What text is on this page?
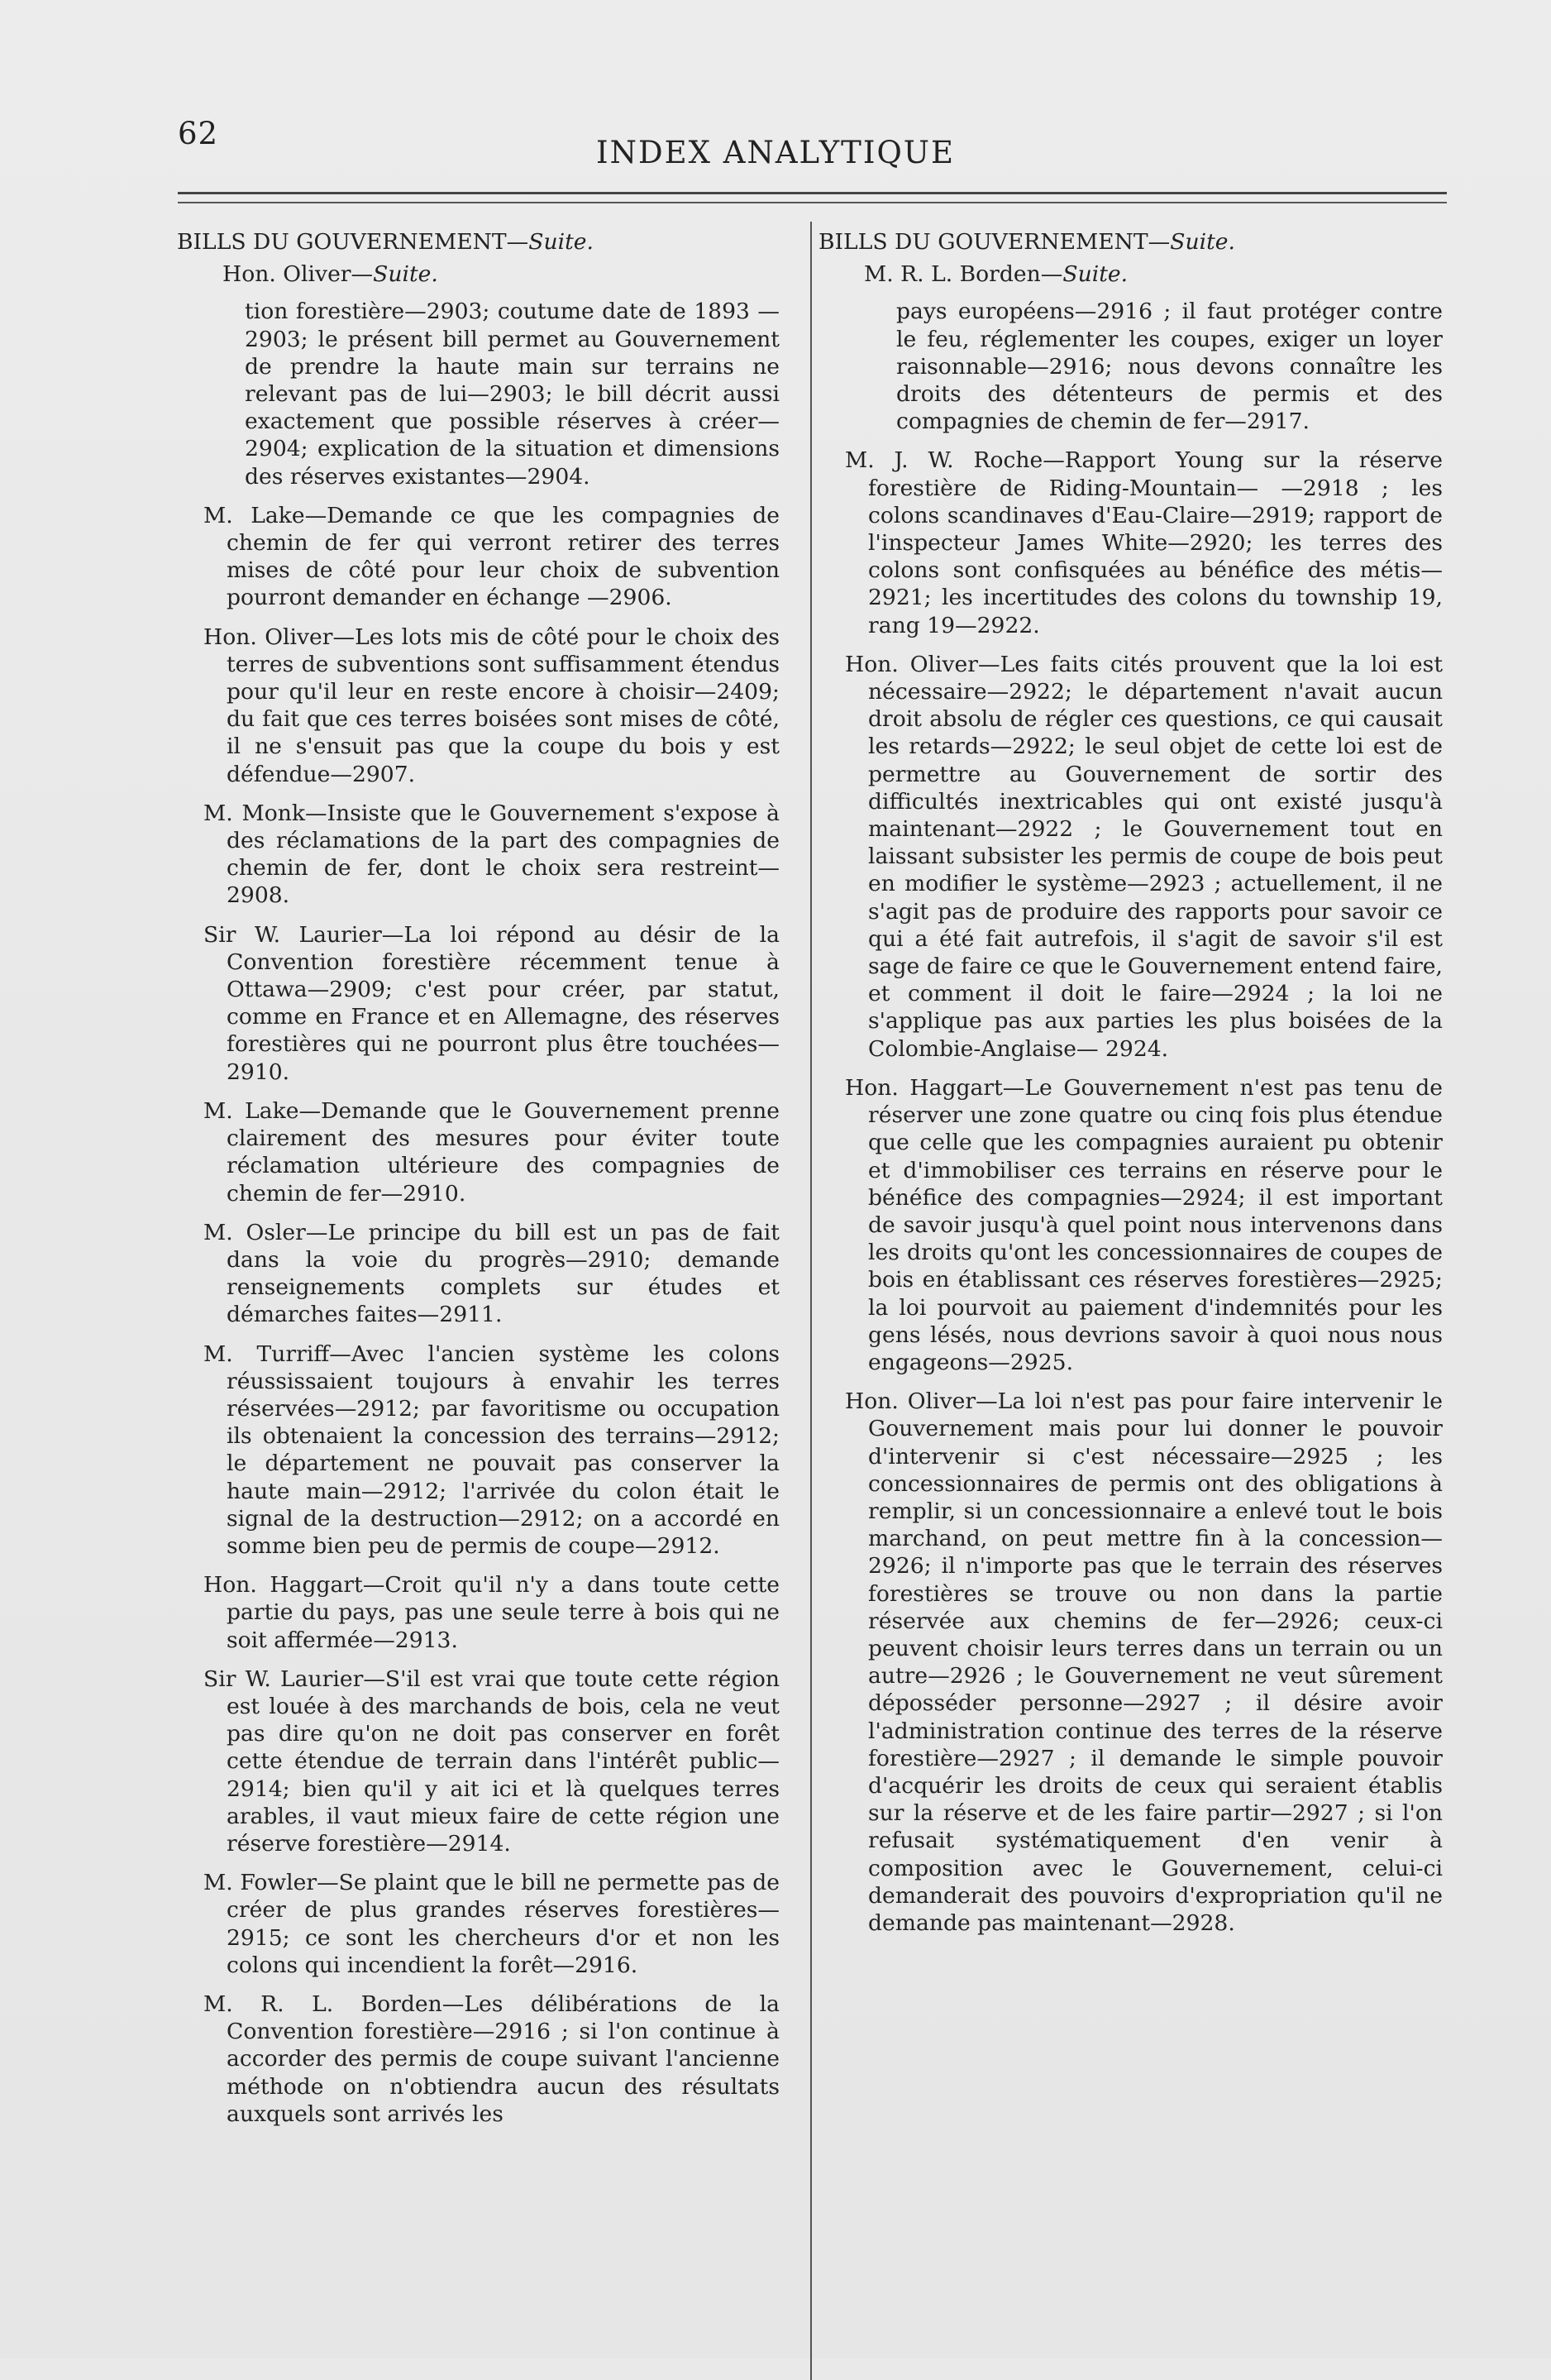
62
INDEX ANALYTIQUE

BILLS DU GOUVERNEMENT—Suite.

Hon. Oliver—Suite.

tion forestière—2903; coutume date de 1893 —2903; le présent bill permet au Gouvernement de prendre la haute main sur terrains ne relevant pas de lui—2903; le bill décrit aussi exactement que possible réserves à créer—2904; explication de la situation et dimensions des réserves existantes—2904.

M. Lake—Demande ce que les compagnies de chemin de fer qui verront retirer des terres mises de côté pour leur choix de subvention pourront demander en échange —2906.

Hon. Oliver—Les lots mis de côté pour le choix des terres de subventions sont suffisamment étendus pour qu'il leur en reste encore à choisir—2409; du fait que ces terres boisées sont mises de côté, il ne s'ensuit pas que la coupe du bois y est défendue—2907.

M. Monk—Insiste que le Gouvernement s'expose à des réclamations de la part des compagnies de chemin de fer, dont le choix sera restreint—2908.

Sir W. Laurier—La loi répond au désir de la Convention forestière récemment tenue à Ottawa—2909; c'est pour créer, par statut, comme en France et en Allemagne, des réserves forestières qui ne pourront plus être touchées—2910.

M. Lake—Demande que le Gouvernement prenne clairement des mesures pour éviter toute réclamation ultérieure des compagnies de chemin de fer—2910.

M. Osler—Le principe du bill est un pas de fait dans la voie du progrès—2910; demande renseignements complets sur études et démarches faites—2911.

M. Turriff—Avec l'ancien système les colons réussissaient toujours à envahir les terres réservées—2912; par favoritisme ou occupation ils obtenaient la concession des terrains—2912; le département ne pouvait pas conserver la haute main—2912; l'arrivée du colon était le signal de la destruction—2912; on a accordé en somme bien peu de permis de coupe—2912.

Hon. Haggart—Croit qu'il n'y a dans toute cette partie du pays, pas une seule terre à bois qui ne soit affermée—2913.

Sir W. Laurier—S'il est vrai que toute cette région est louée à des marchands de bois, cela ne veut pas dire qu'on ne doit pas conserver en forêt cette étendue de terrain dans l'intérêt public—2914; bien qu'il y ait ici et là quelques terres arables, il vaut mieux faire de cette région une réserve forestière—2914.

M. Fowler—Se plaint que le bill ne permette pas de créer de plus grandes réserves forestières—2915; ce sont les chercheurs d'or et non les colons qui incendient la forêt—2916.

M. R. L. Borden—Les délibérations de la Convention forestière—2916 ; si l'on continue à accorder des permis de coupe suivant l'ancienne méthode on n'obtiendra aucun des résultats auxquels sont arrivés les

BILLS DU GOUVERNEMENT—Suite.

M. R. L. Borden—Suite.

pays européens—2916 ; il faut protéger contre le feu, réglementer les coupes, exiger un loyer raisonnable—2916; nous devons connaître les droits des détenteurs de permis et des compagnies de chemin de fer—2917.

M. J. W. Roche—Rapport Young sur la réserve forestière de Riding-Mountain— —2918 ; les colons scandinaves d'Eau-Claire—2919; rapport de l'inspecteur James White—2920; les terres des colons sont confisquées au bénéfice des métis—2921; les incertitudes des colons du township 19, rang 19—2922.

Hon. Oliver—Les faits cités prouvent que la loi est nécessaire—2922; le département n'avait aucun droit absolu de régler ces questions, ce qui causait les retards—2922; le seul objet de cette loi est de permettre au Gouvernement de sortir des difficultés inextricables qui ont existé jusqu'à maintenant—2922 ; le Gouvernement tout en laissant subsister les permis de coupe de bois peut en modifier le système—2923 ; actuellement, il ne s'agit pas de produire des rapports pour savoir ce qui a été fait autrefois, il s'agit de savoir s'il est sage de faire ce que le Gouvernement entend faire, et comment il doit le faire—2924 ; la loi ne s'applique pas aux parties les plus boisées de la Colombie-Anglaise— 2924.

Hon. Haggart—Le Gouvernement n'est pas tenu de réserver une zone quatre ou cinq fois plus étendue que celle que les compagnies auraient pu obtenir et d'immobiliser ces terrains en réserve pour le bénéfice des compagnies—2924; il est important de savoir jusqu'à quel point nous intervenons dans les droits qu'ont les concessionnaires de coupes de bois en établissant ces réserves forestières—2925; la loi pourvoit au paiement d'indemnités pour les gens lésés, nous devrions savoir à quoi nous nous engageons—2925.

Hon. Oliver—La loi n'est pas pour faire intervenir le Gouvernement mais pour lui donner le pouvoir d'intervenir si c'est nécessaire—2925 ; les concessionnaires de permis ont des obligations à remplir, si un concessionnaire a enlevé tout le bois marchand, on peut mettre fin à la concession—2926; il n'importe pas que le terrain des réserves forestières se trouve ou non dans la partie réservée aux chemins de fer—2926; ceux-ci peuvent choisir leurs terres dans un terrain ou un autre—2926 ; le Gouvernement ne veut sûrement déposséder personne—2927 ; il désire avoir l'administration continue des terres de la réserve forestière—2927 ; il demande le simple pouvoir d'acquérir les droits de ceux qui seraient établis sur la réserve et de les faire partir—2927 ; si l'on refusait systématiquement d'en venir à composition avec le Gouvernement, celui-ci demanderait des pouvoirs d'expropriation qu'il ne demande pas maintenant—2928.
